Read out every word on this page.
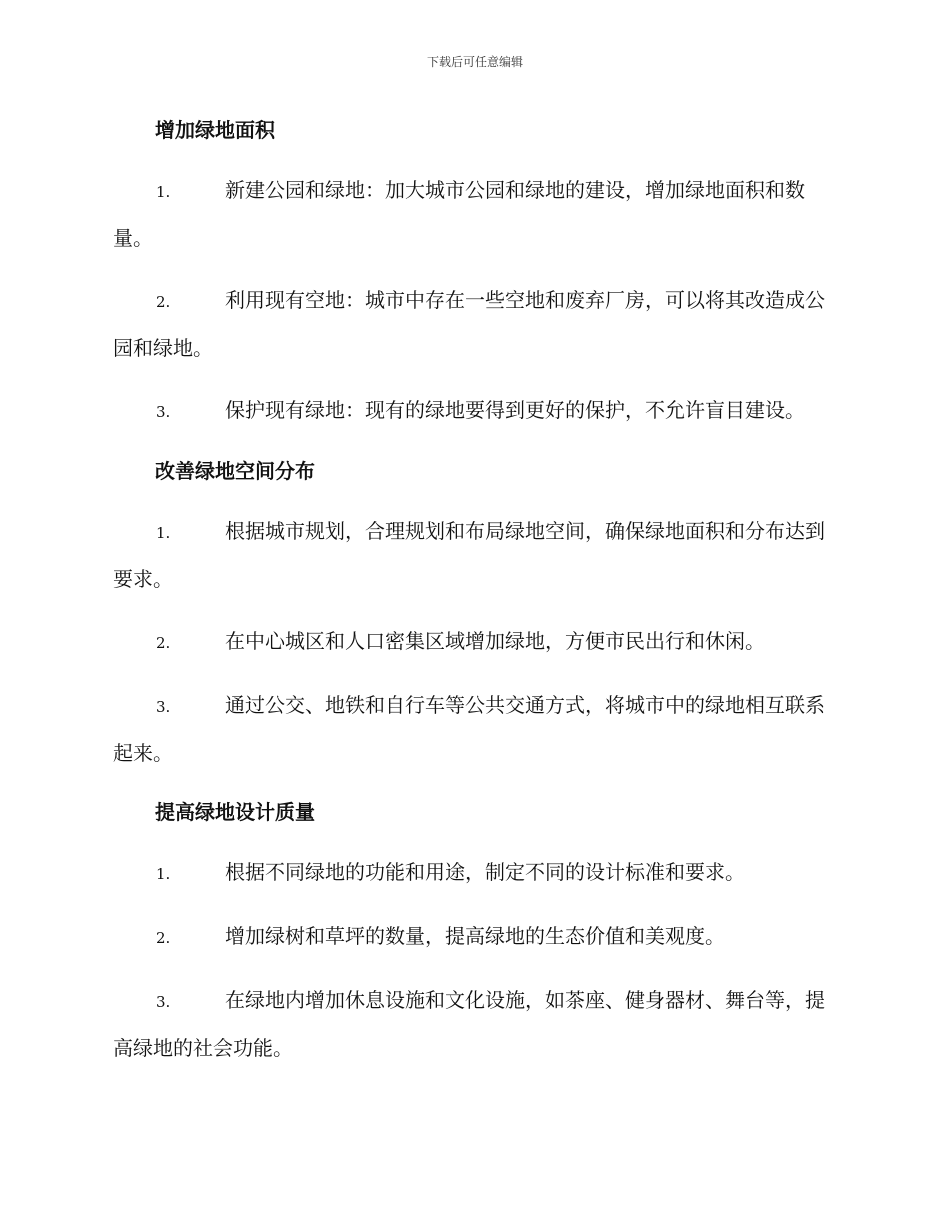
下载后可任意编辑
增加绿地面积

1.	新建公园和绿地：加大城市公园和绿地的建设，增加绿地面积和数量。

2.	利用现有空地：城市中存在一些空地和废弃厂房，可以将其改造成公园和绿地。

3.	保护现有绿地：现有的绿地要得到更好的保护，不允许盲目建设。

改善绿地空间分布

1.	根据城市规划，合理规划和布局绿地空间，确保绿地面积和分布达到要求。

2.	在中心城区和人口密集区域增加绿地，方便市民出行和休闲。

3.	通过公交、地铁和自行车等公共交通方式，将城市中的绿地相互联系起来。

提高绿地设计质量

1.	根据不同绿地的功能和用途，制定不同的设计标准和要求。

2.	增加绿树和草坪的数量，提高绿地的生态价值和美观度。

3.	在绿地内增加休息设施和文化设施，如茶座、健身器材、舞台等，提高绿地的社会功能。
